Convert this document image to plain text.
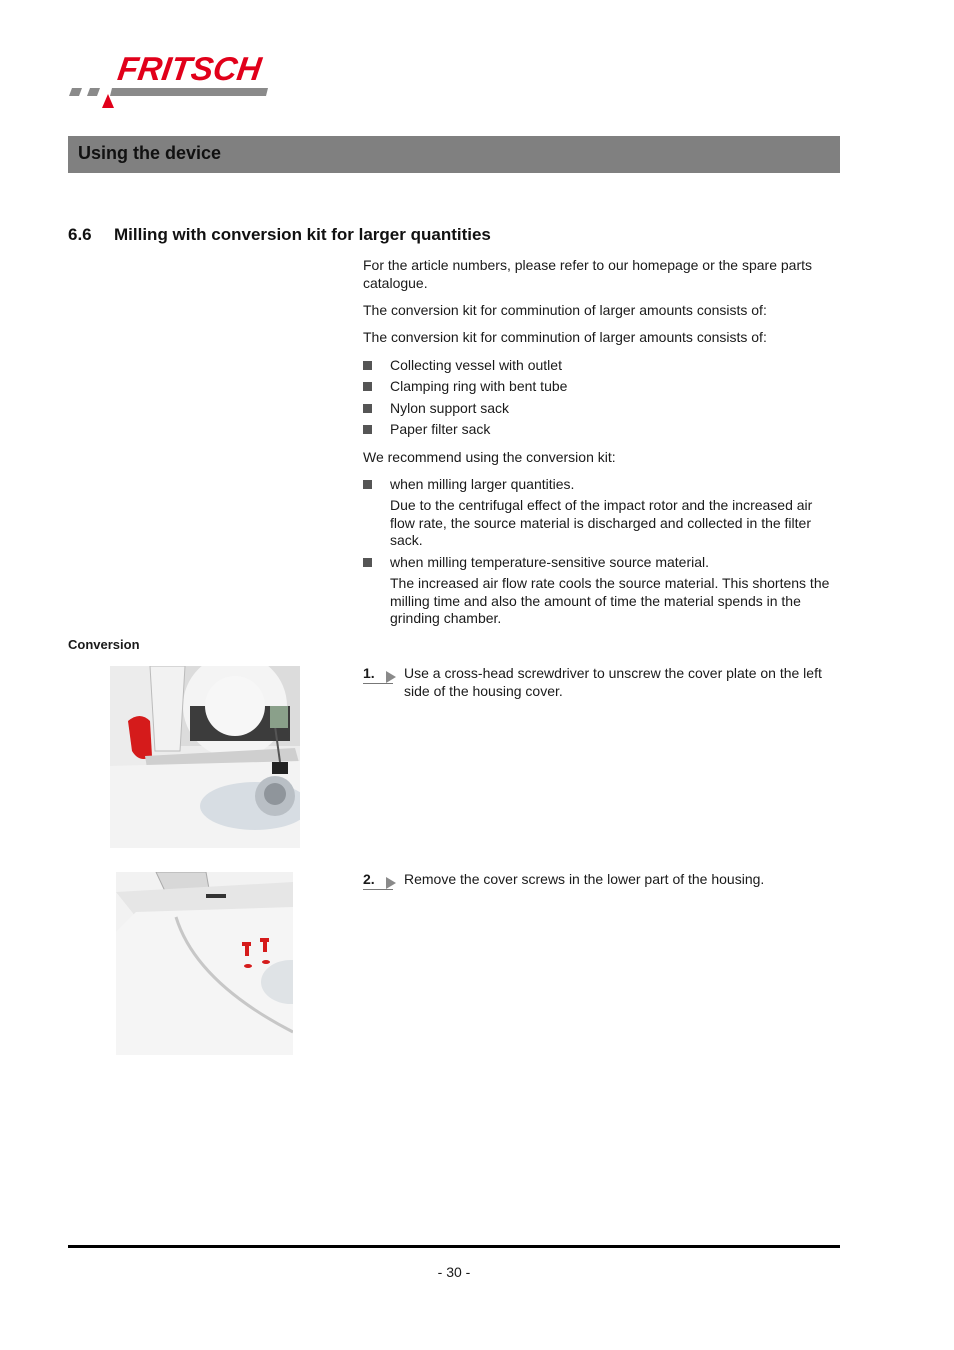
FRITSCH
Using the device
6.6 Milling with conversion kit for larger quantities
For the article numbers, please refer to our homepage or the spare parts catalogue.
The conversion kit for comminution of larger amounts consists of:
The conversion kit for comminution of larger amounts consists of:
Collecting vessel with outlet
Clamping ring with bent tube
Nylon support sack
Paper filter sack
We recommend using the conversion kit:
when milling larger quantities.
Due to the centrifugal effect of the impact rotor and the increased air flow rate, the source material is discharged and collected in the filter sack.
when milling temperature-sensitive source material.
The increased air flow rate cools the source material. This shortens the milling time and also the amount of time the material spends in the grinding chamber.
Conversion
1.	Use a cross-head screwdriver to unscrew the cover plate on the left side of the housing cover.
2.	Remove the cover screws in the lower part of the housing.
- 30 -
